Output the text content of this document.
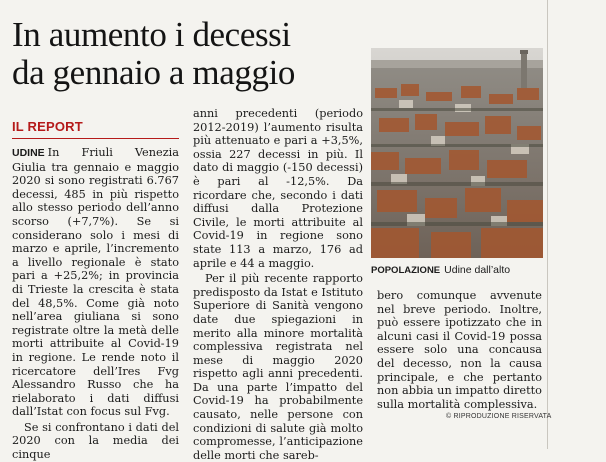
In aumento i decessi
da gennaio a maggio
IL REPORT

UDINE In Friuli Venezia Giulia tra gennaio e maggio 2020 si sono registrati 6.767 decessi, 485 in più rispetto allo stesso periodo dell’anno scorso (+7,7%). Se si considerano solo i mesi di marzo e aprile, l’incremento a livello regionale è stato pari a +25,2%; in provincia di Trieste la crescita è stata del 48,5%. Come già noto nell’area giuliana si sono registrate oltre la metà delle morti attribuite al Covid-19 in regione. Le rende noto il ricercatore dell’Ires Fvg Alessandro Russo che ha rielaborato i dati diffusi dall’Istat con focus sul Fvg.

Se si confrontano i dati del 2020 con la media dei cinque

anni precedenti (periodo 2012-2019) l’aumento risulta più attenuato e pari a +3,5%, ossia 227 decessi in più. Il dato di maggio (-150 decessi) è pari al -12,5%. Da ricordare che, secondo i dati diffusi dalla Protezione Civile, le morti attribuite al Covid-19 in regione sono state 113 a marzo, 176 ad aprile e 44 a maggio.

Per il più recente rapporto predisposto da Istat e Istituto Superiore di Sanità vengono date due spiegazioni in merito alla minore mortalità complessiva registrata nel mese di maggio 2020 rispetto agli anni precedenti. Da una parte l’impatto del Covid-19 ha probabilmente causato, nelle persone con condizioni di salute già molto compromesse, l’anticipazione delle morti che sareb-

POPOLAZIONE Udine dall’alto

bero comunque avvenute nel breve periodo. Inoltre, può essere ipotizzato che in alcuni casi il Covid-19 possa essere solo una concausa del decesso, non la causa principale, e che pertanto non abbia un impatto diretto sulla mortalità complessiva.

© RIPRODUZIONE RISERVATA
